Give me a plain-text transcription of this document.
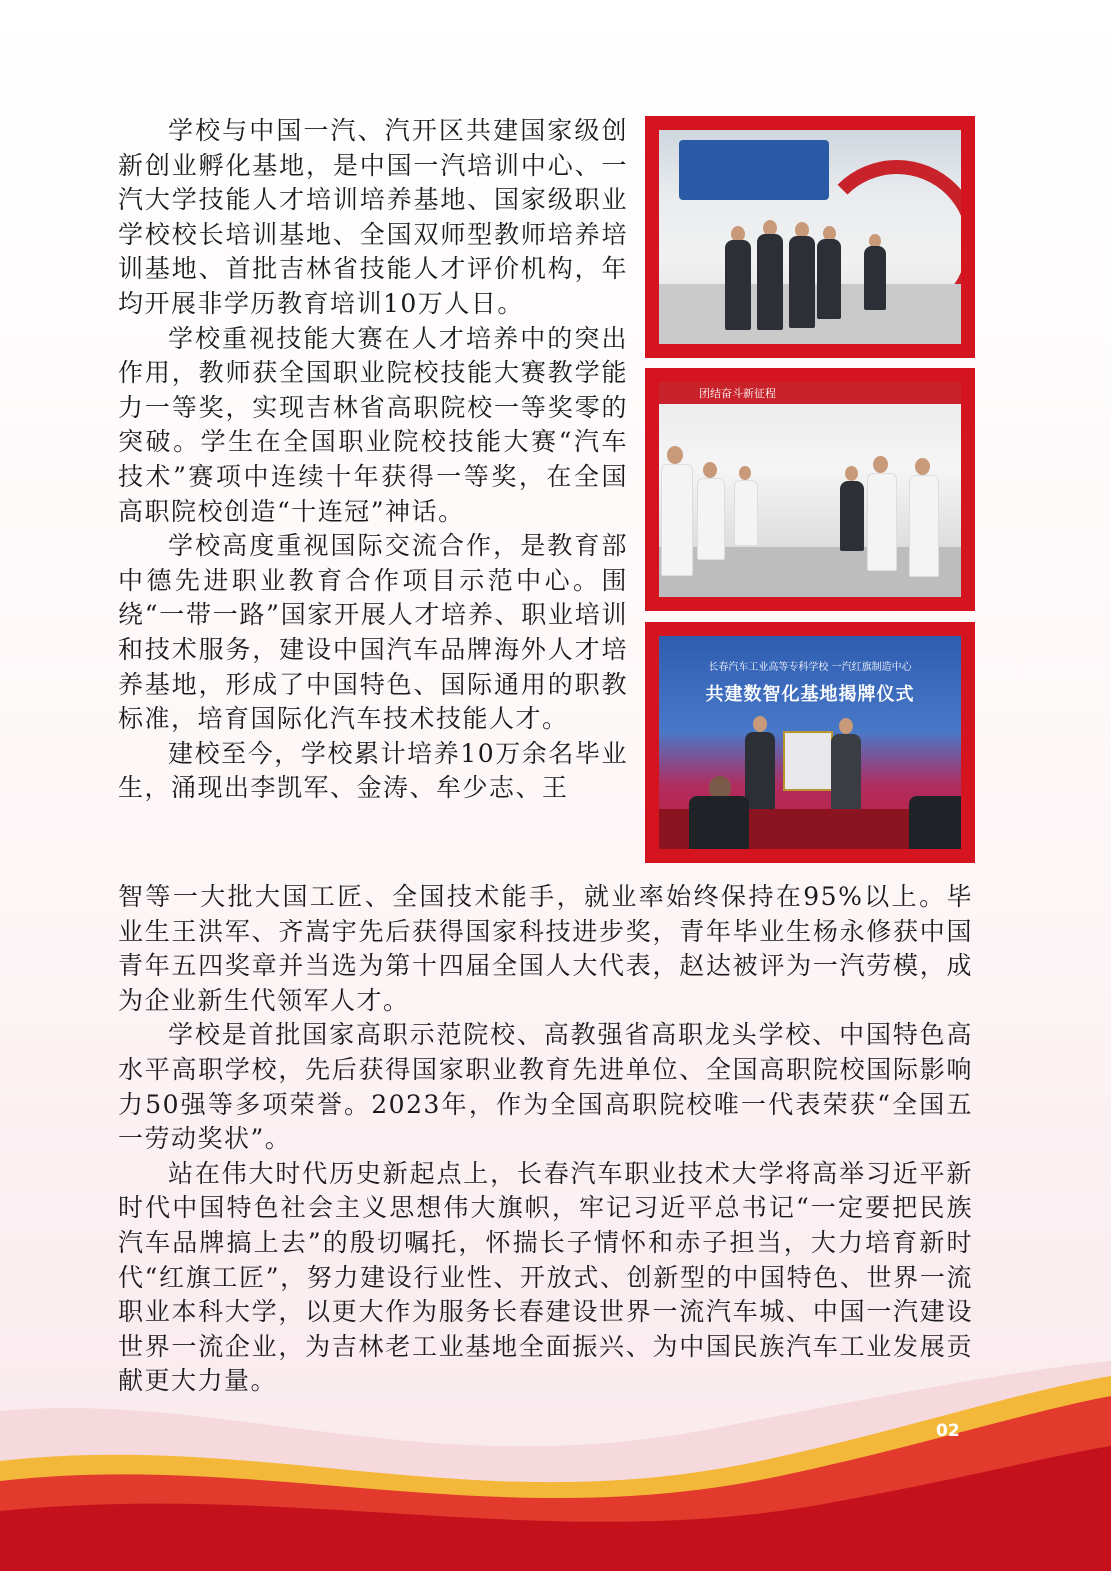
学校与中国一汽、汽开区共建国家级创新创业孵化基地，是中国一汽培训中心、一汽大学技能人才培训培养基地、国家级职业学校校长培训基地、全国双师型教师培养培训基地、首批吉林省技能人才评价机构，年均开展非学历教育培训10万人日。

学校重视技能大赛在人才培养中的突出作用，教师获全国职业院校技能大赛教学能力一等奖，实现吉林省高职院校一等奖零的突破。学生在全国职业院校技能大赛“汽车技术”赛项中连续十年获得一等奖，在全国高职院校创造“十连冠”神话。

学校高度重视国际交流合作，是教育部中德先进职业教育合作项目示范中心。围绕“一带一路”国家开展人才培养、职业培训和技术服务，建设中国汽车品牌海外人才培养基地，形成了中国特色、国际通用的职教标准，培育国际化汽车技术技能人才。

建校至今，学校累计培养10万余名毕业生，涌现出李凯军、金涛、牟少志、王

智等一大批大国工匠、全国技术能手，就业率始终保持在95%以上。毕业生王洪军、齐嵩宇先后获得国家科技进步奖，青年毕业生杨永修获中国青年五四奖章并当选为第十四届全国人大代表，赵达被评为一汽劳模，成为企业新生代领军人才。

学校是首批国家高职示范院校、高教强省高职龙头学校、中国特色高水平高职学校，先后获得国家职业教育先进单位、全国高职院校国际影响力50强等多项荣誉。2023年，作为全国高职院校唯一代表荣获“全国五一劳动奖状”。

站在伟大时代历史新起点上，长春汽车职业技术大学将高举习近平新时代中国特色社会主义思想伟大旗帜，牢记习近平总书记“一定要把民族汽车品牌搞上去”的殷切嘱托，怀揣长子情怀和赤子担当，大力培育新时代“红旗工匠”，努力建设行业性、开放式、创新型的中国特色、世界一流职业本科大学，以更大作为服务长春建设世界一流汽车城、中国一汽建设世界一流企业，为吉林老工业基地全面振兴、为中国民族汽车工业发展贡献更大力量。

团结奋斗新征程
长春汽车工业高等专科学校 一汽红旗制造中心
共建数智化基地揭牌仪式
02
